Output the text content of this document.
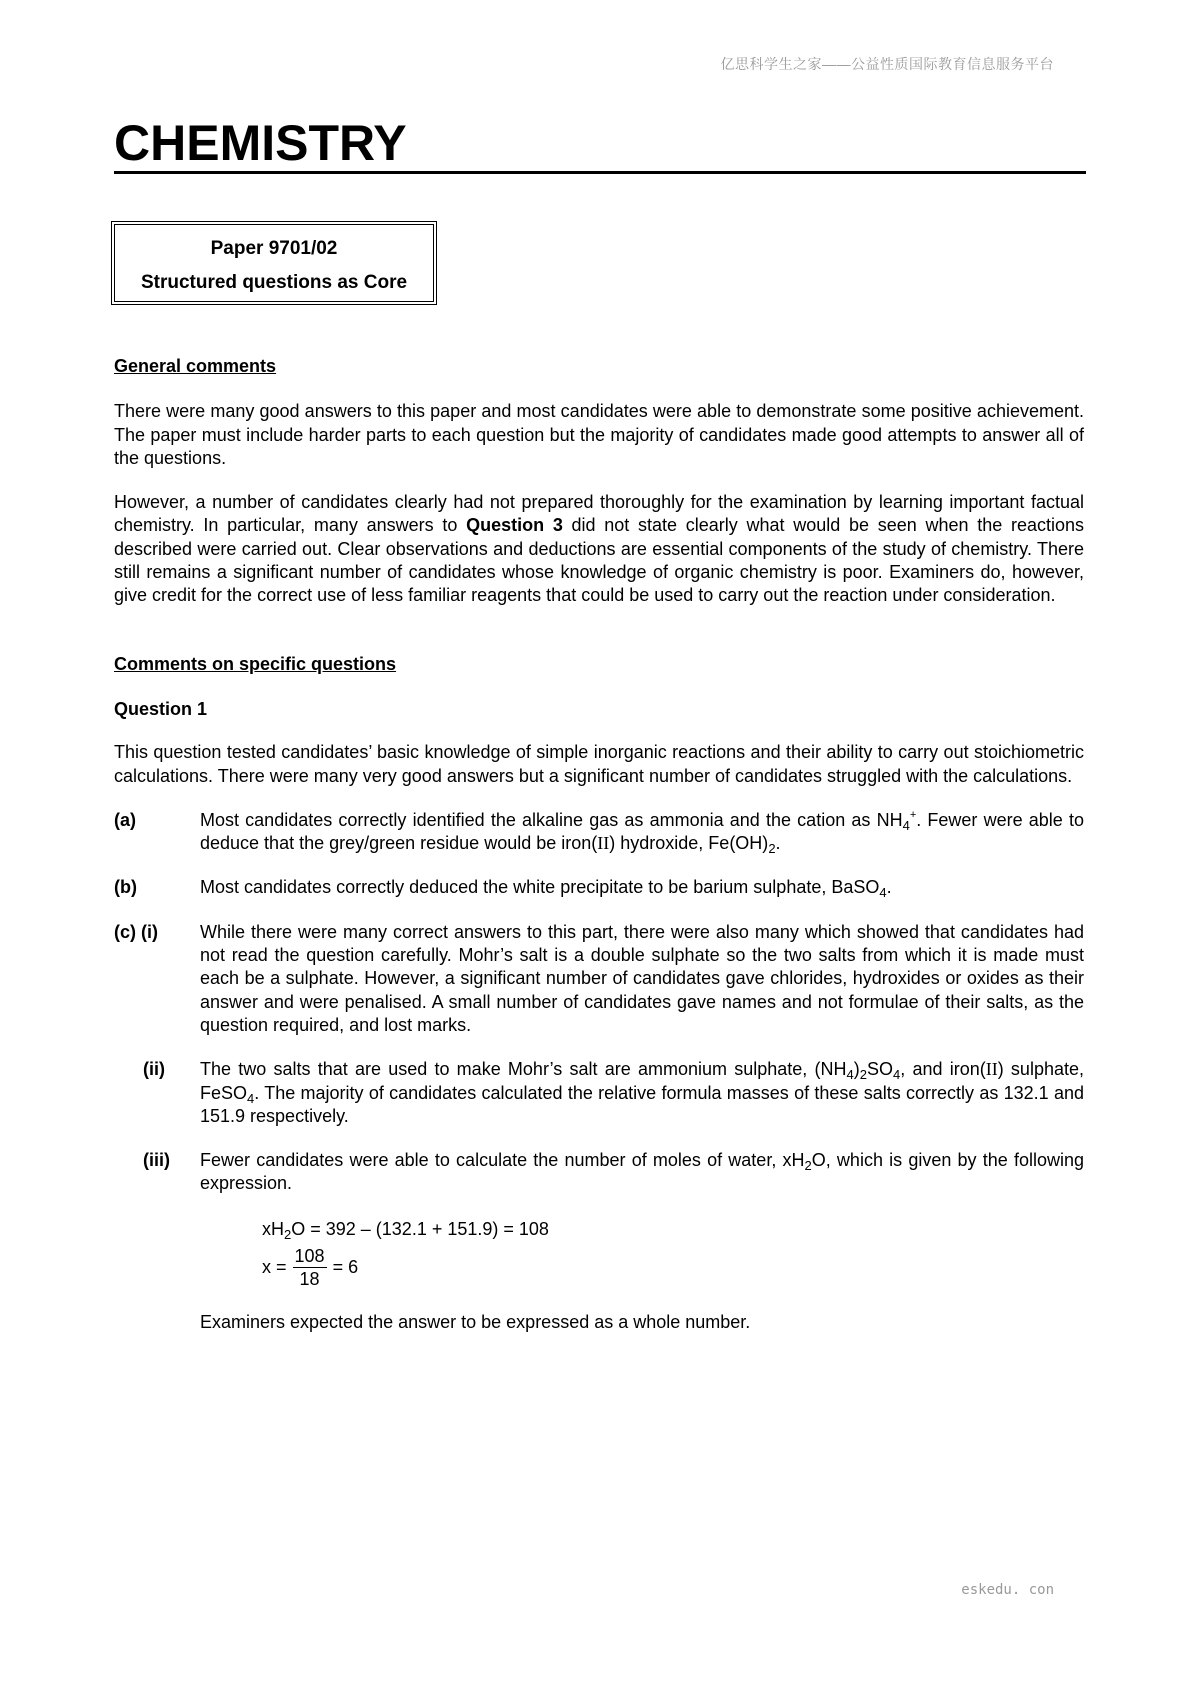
亿思科学生之家——公益性质国际教育信息服务平台
CHEMISTRY
Paper 9701/02
Structured questions as Core

General comments

There were many good answers to this paper and most candidates were able to demonstrate some positive achievement. The paper must include harder parts to each question but the majority of candidates made good attempts to answer all of the questions.

However, a number of candidates clearly had not prepared thoroughly for the examination by learning important factual chemistry. In particular, many answers to Question 3 did not state clearly what would be seen when the reactions described were carried out. Clear observations and deductions are essential components of the study of chemistry. There still remains a significant number of candidates whose knowledge of organic chemistry is poor. Examiners do, however, give credit for the correct use of less familiar reagents that could be used to carry out the reaction under consideration.

Comments on specific questions

Question 1

This question tested candidates’ basic knowledge of simple inorganic reactions and their ability to carry out stoichiometric calculations. There were many very good answers but a significant number of candidates struggled with the calculations.

(a)	Most candidates correctly identified the alkaline gas as ammonia and the cation as $NH_4^+$. Fewer were able to deduce that the grey/green residue would be iron(II) hydroxide, $Fe(OH)_2$.
(b)	Most candidates correctly deduced the white precipitate to be barium sulphate, BaSO$_4$.
(c) (i)	While there were many correct answers to this part, there were also many which showed that candidates had not read the question carefully. Mohr’s salt is a double sulphate so the two salts from which it is made must each be a sulphate. However, a significant number of candidates gave chlorides, hydroxides or oxides as their answer and were penalised. A small number of candidates gave names and not formulae of their salts, as the question required, and lost marks.
(ii)	The two salts that are used to make Mohr’s salt are ammonium sulphate, $(NH_4)_2SO_4$, and iron(II) sulphate, FeSO$_4$. The majority of candidates calculated the relative formula masses of these salts correctly as 132.1 and 151.9 respectively.
(iii)	Fewer candidates were able to calculate the number of moles of water, $xH_2O$, which is given by the following expression.
$xH_2O = 392 - (132.1 + 151.9) = 108$
$x = \frac{108}{18} = 6$
Examiners expected the answer to be expressed as a whole number.
eskedu. con
